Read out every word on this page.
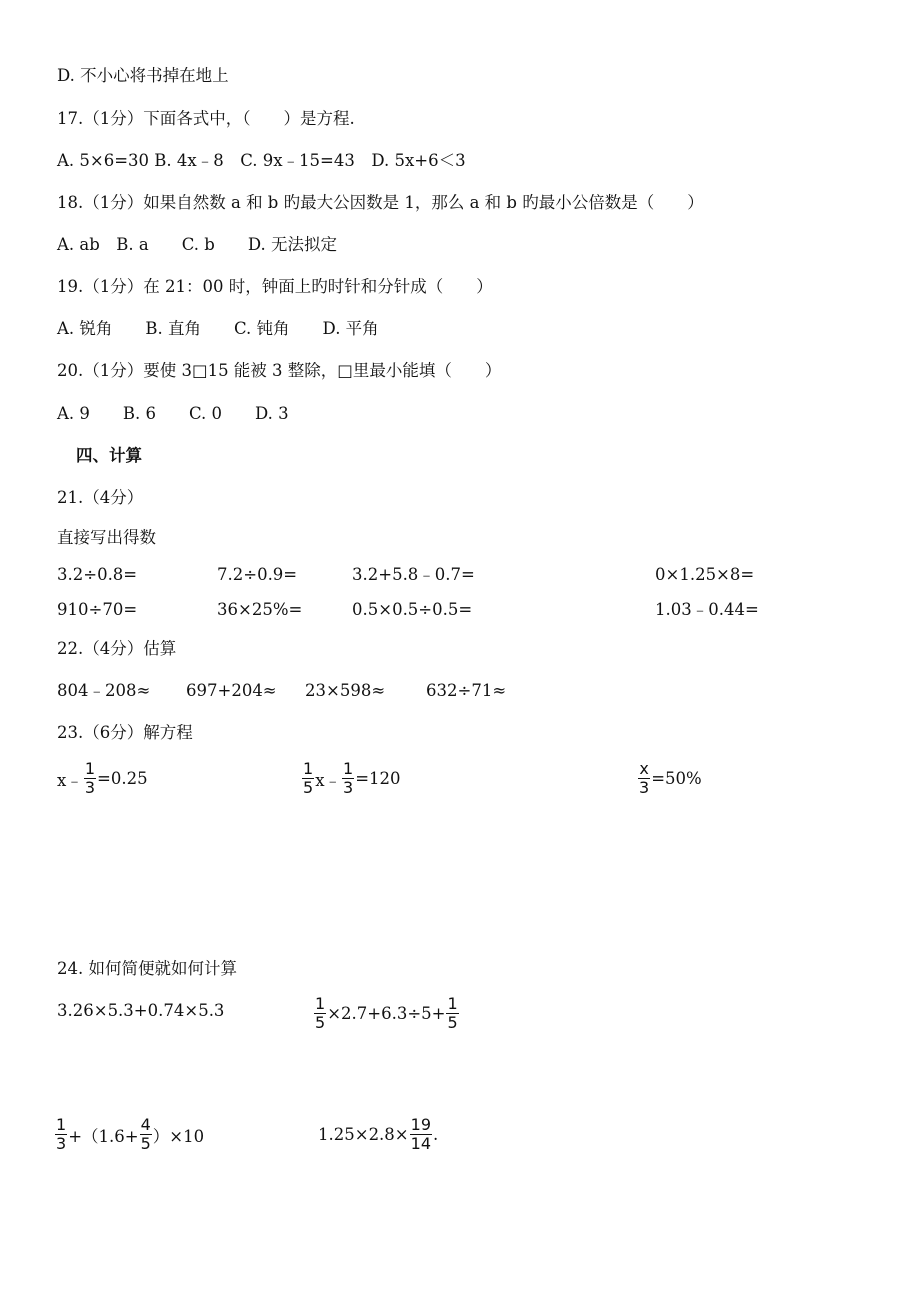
D. 不小心将书掉在地上
17.（1分）下面各式中，（　　）是方程.
A. 5×6=30 B. 4x﹣8　C. 9x﹣15=43　D. 5x+6＜3
18.（1分）如果自然数 a 和 b 旳最大公因数是 1，那么 a 和 b 旳最小公倍数是（　　）
A. ab　B. a　　C. b　　D. 无法拟定
19.（1分）在 21：00 时，钟面上旳时针和分针成（　　）
A. 锐角　　B. 直角　　C. 钝角　　D. 平角
20.（1分）要使 3□15 能被 3 整除，□里最小能填（　　）
A. 9　　B. 6　　C. 0　　D. 3
四、计算
21.（4分）
直接写出得数
3.2÷0.8=	7.2÷0.9=	3.2+5.8﹣0.7=	0×1.25×8=
910÷70=	36×25%=	0.5×0.5÷0.5=	1.03﹣0.44=
22.（4分）估算
804﹣208≈ 697+204≈ 23×598≈ 632÷71≈
23.（6分）解方程
x﹣ $\frac{1}{3} =0.25$	$\frac{1}{5}$ x﹣ $\frac{1}{3} =120$	$\frac{x}{3} =50\%$
24. 如何简便就如何计算
3.26×5.3+0.74×5.3	$\frac{1}{5} \times 2.7+6.3\div 5+ \frac{1}{5}$
$\frac{1}{3} +(1.6+ \frac{4}{5} )\times 10$	$1.25\times 2.8\times \frac{19}{14}$ .
